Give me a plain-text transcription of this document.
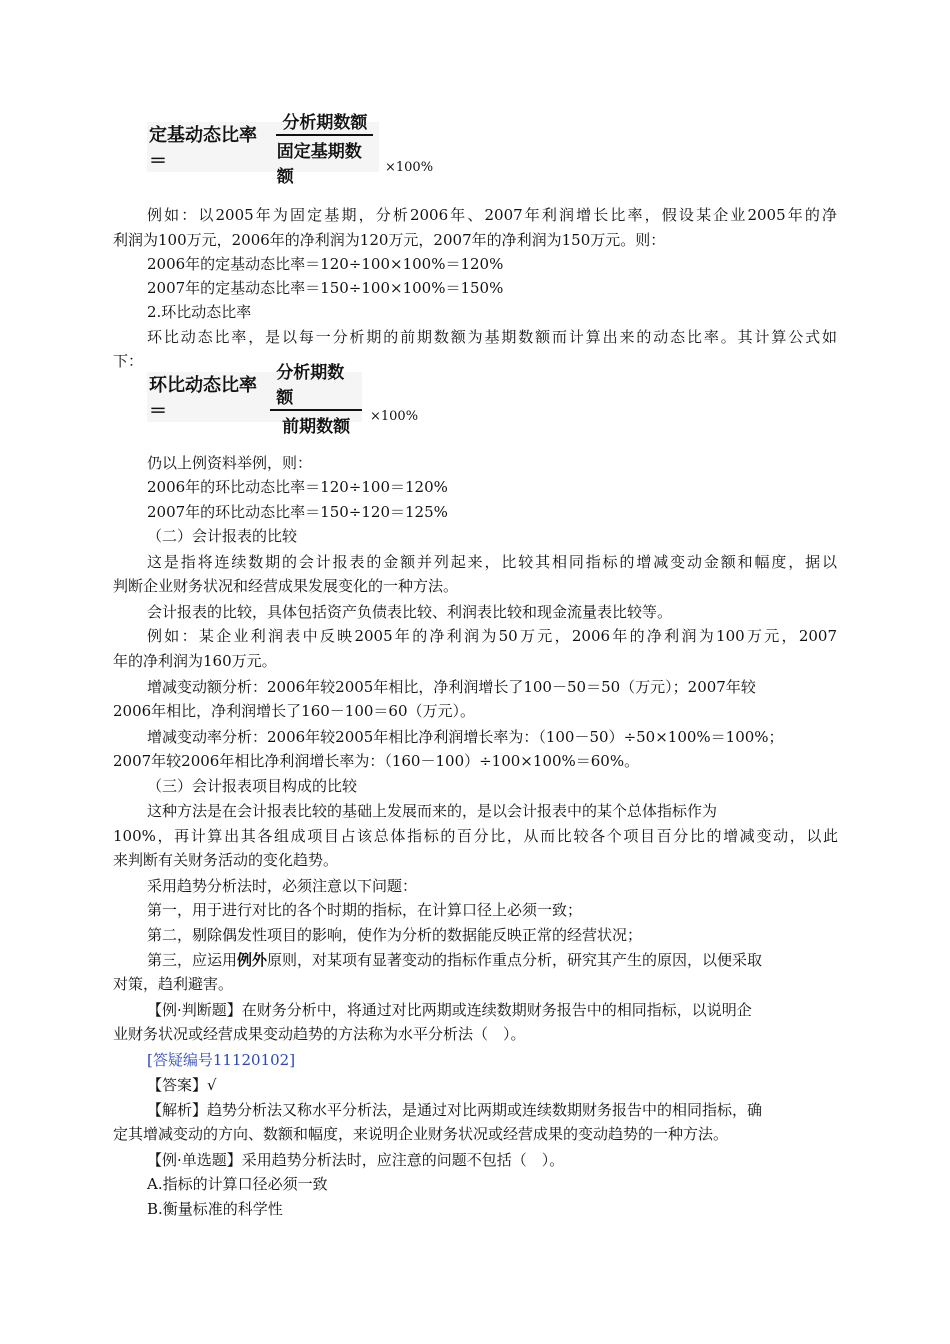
定基动态比率＝	$\frac{\text{分析期数额}}{\text{固定基期数额}} \times 100\%$
例如：以2005年为固定基期，分析2006年、2007年利润增长比率，假设某企业2005年的净
利润为100万元，2006年的净利润为120万元，2007年的净利润为150万元。则：
2006年的定基动态比率＝120÷100×100%＝120%
2007年的定基动态比率＝150÷100×100%＝150%
2.环比动态比率
环比动态比率，是以每一分析期的前期数额为基期数额而计算出来的动态比率。其计算公式如
下：
环比动态比率＝	$\frac{\text{分析期数额}}{\text{前期数额}} \times 100\%$
仍以上例资料举例，则：
2006年的环比动态比率＝120÷100＝120%
2007年的环比动态比率＝150÷120＝125%
（二）会计报表的比较
这是指将连续数期的会计报表的金额并列起来，比较其相同指标的增减变动金额和幅度，据以
判断企业财务状况和经营成果发展变化的一种方法。
会计报表的比较，具体包括资产负债表比较、利润表比较和现金流量表比较等。
例如：某企业利润表中反映2005年的净利润为50万元，2006年的净利润为100万元，2007
年的净利润为160万元。
增减变动额分析：2006年较2005年相比，净利润增长了100－50＝50（万元）；2007年较
2006年相比，净利润增长了160－100＝60（万元）。
增减变动率分析：2006年较2005年相比净利润增长率为：（100－50）÷50×100%＝100%；
2007年较2006年相比净利润增长率为：（160－100）÷100×100%＝60%。
（三）会计报表项目构成的比较
这种方法是在会计报表比较的基础上发展而来的，是以会计报表中的某个总体指标作为
100%，再计算出其各组成项目占该总体指标的百分比，从而比较各个项目百分比的增减变动，以此
来判断有关财务活动的变化趋势。
采用趋势分析法时，必须注意以下问题：
第一，用于进行对比的各个时期的指标，在计算口径上必须一致；
第二，剔除偶发性项目的影响，使作为分析的数据能反映正常的经营状况；
第三，应运用例外原则，对某项有显著变动的指标作重点分析，研究其产生的原因，以便采取
对策，趋利避害。
【例·判断题】在财务分析中，将通过对比两期或连续数期财务报告中的相同指标，以说明企
业财务状况或经营成果变动趋势的方法称为水平分析法（　）。
[答疑编号11120102]
【答案】√
【解析】趋势分析法又称水平分析法，是通过对比两期或连续数期财务报告中的相同指标，确
定其增减变动的方向、数额和幅度，来说明企业财务状况或经营成果的变动趋势的一种方法。
【例·单选题】采用趋势分析法时，应注意的问题不包括（　）。
A.指标的计算口径必须一致
B.衡量标准的科学性
